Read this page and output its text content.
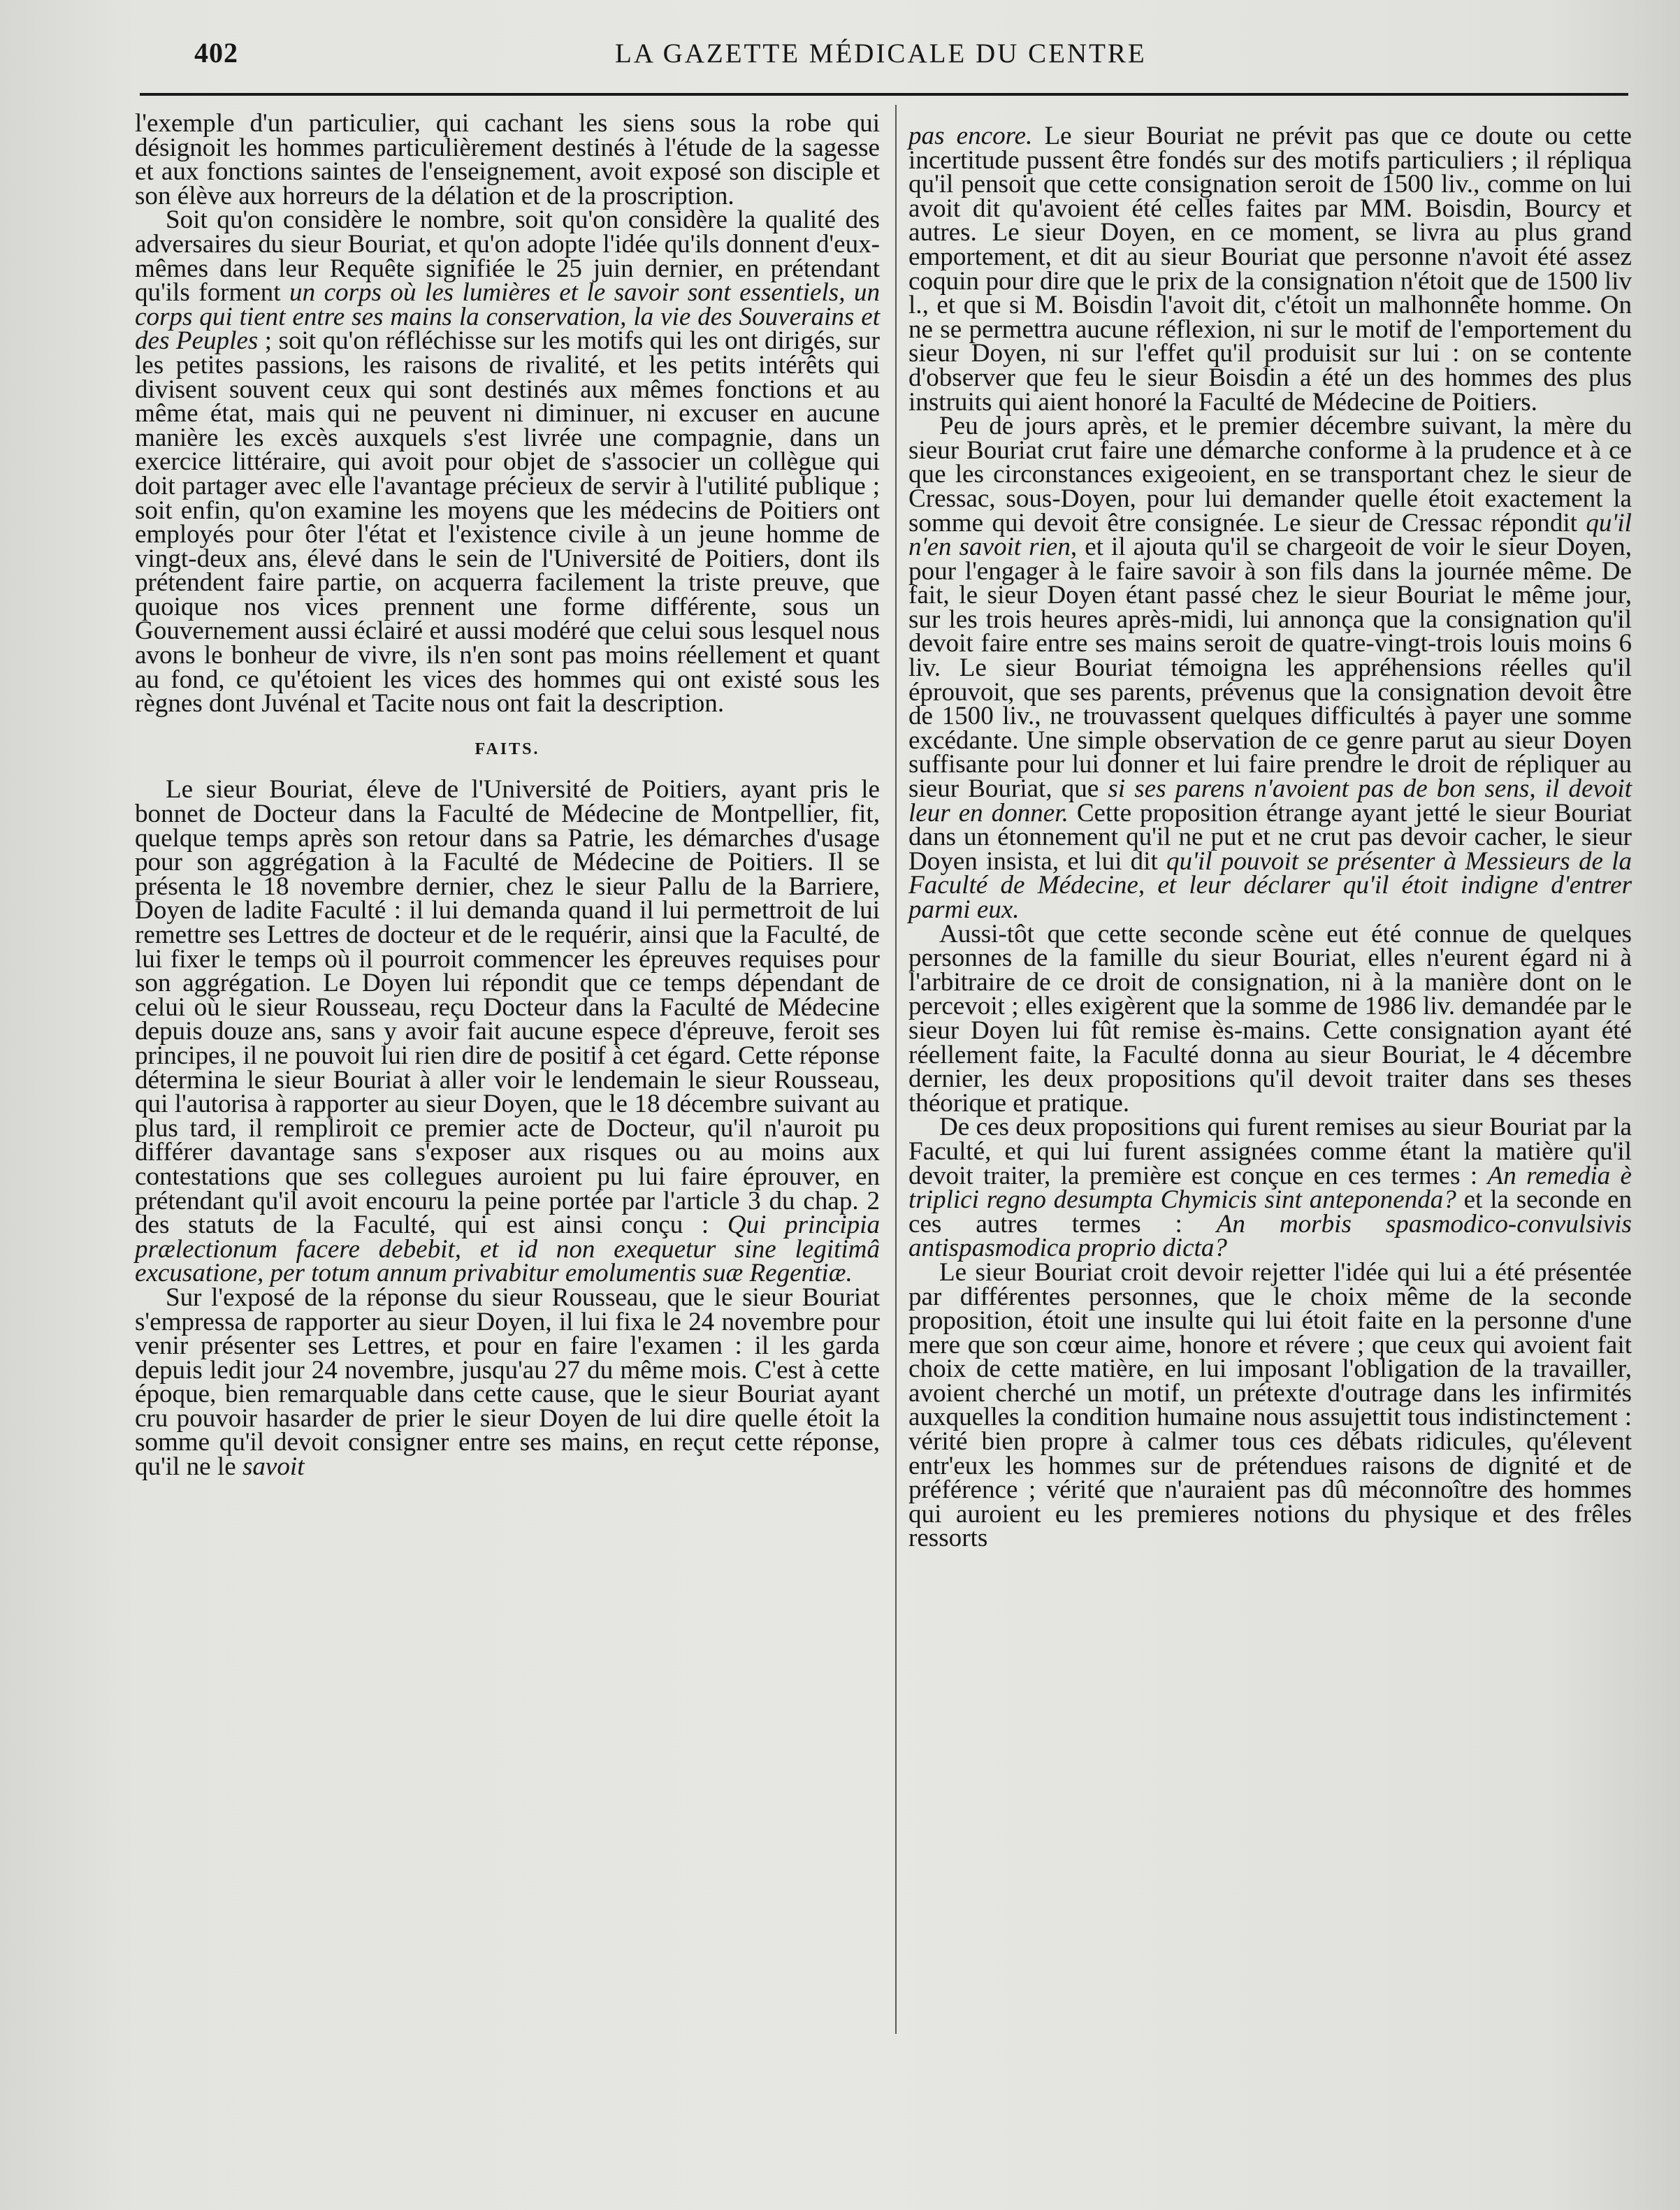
402	LA GAZETTE MÉDICALE DU CENTRE

l'exemple d'un particulier, qui cachant les siens sous la robe qui désignoit les hommes particulièrement destinés à l'étude de la sagesse et aux fonctions saintes de l'enseignement, avoit exposé son disciple et son élève aux horreurs de la délation et de la proscription.

Soit qu'on considère le nombre, soit qu'on considère la qualité des adversaires du sieur Bouriat, et qu'on adopte l'idée qu'ils donnent d'eux-mêmes dans leur Requête signifiée le 25 juin dernier, en prétendant qu'ils forment un corps où les lumières et le savoir sont essentiels, un corps qui tient entre ses mains la conservation, la vie des Souverains et des Peuples ; soit qu'on réfléchisse sur les motifs qui les ont dirigés, sur les petites passions, les raisons de rivalité, et les petits intérêts qui divisent souvent ceux qui sont destinés aux mêmes fonctions et au même état, mais qui ne peuvent ni diminuer, ni excuser en aucune manière les excès auxquels s'est livrée une compagnie, dans un exercice littéraire, qui avoit pour objet de s'associer un collègue qui doit partager avec elle l'avantage précieux de servir à l'utilité publique ; soit enfin, qu'on examine les moyens que les médecins de Poitiers ont employés pour ôter l'état et l'existence civile à un jeune homme de vingt-deux ans, élevé dans le sein de l'Université de Poitiers, dont ils prétendent faire partie, on acquerra facilement la triste preuve, que quoique nos vices prennent une forme différente, sous un Gouvernement aussi éclairé et aussi modéré que celui sous lesquel nous avons le bonheur de vivre, ils n'en sont pas moins réellement et quant au fond, ce qu'étoient les vices des hommes qui ont existé sous les règnes dont Juvénal et Tacite nous ont fait la description.

FAITS.

Le sieur Bouriat, éleve de l'Université de Poitiers, ayant pris le bonnet de Docteur dans la Faculté de Médecine de Montpellier, fit, quelque temps après son retour dans sa Patrie, les démarches d'usage pour son aggrégation à la Faculté de Médecine de Poitiers. Il se présenta le 18 novembre dernier, chez le sieur Pallu de la Barriere, Doyen de ladite Faculté : il lui demanda quand il lui permettroit de lui remettre ses Lettres de docteur et de le requérir, ainsi que la Faculté, de lui fixer le temps où il pourroit commencer les épreuves requises pour son aggrégation. Le Doyen lui répondit que ce temps dépendant de celui où le sieur Rousseau, reçu Docteur dans la Faculté de Médecine depuis douze ans, sans y avoir fait aucune espece d'épreuve, feroit ses principes, il ne pouvoit lui rien dire de positif à cet égard. Cette réponse détermina le sieur Bouriat à aller voir le lendemain le sieur Rousseau, qui l'autorisa à rapporter au sieur Doyen, que le 18 décembre suivant au plus tard, il rempliroit ce premier acte de Docteur, qu'il n'auroit pu différer davantage sans s'exposer aux risques ou au moins aux contestations que ses collegues auroient pu lui faire éprouver, en prétendant qu'il avoit encouru la peine portée par l'article 3 du chap. 2 des statuts de la Faculté, qui est ainsi conçu : Qui principia prælectionum facere debebit, et id non exequetur sine legitimâ excusatione, per totum annum privabitur emolumentis suæ Regentiæ.

Sur l'exposé de la réponse du sieur Rousseau, que le sieur Bouriat s'empressa de rapporter au sieur Doyen, il lui fixa le 24 novembre pour venir présenter ses Lettres, et pour en faire l'examen : il les garda depuis ledit jour 24 novembre, jusqu'au 27 du même mois. C'est à cette époque, bien remarquable dans cette cause, que le sieur Bouriat ayant cru pouvoir hasarder de prier le sieur Doyen de lui dire quelle étoit la somme qu'il devoit consigner entre ses mains, en reçut cette réponse, qu'il ne le savoit

pas encore. Le sieur Bouriat ne prévit pas que ce doute ou cette incertitude pussent être fondés sur des motifs particuliers ; il répliqua qu'il pensoit que cette consignation seroit de 1500 liv., comme on lui avoit dit qu'avoient été celles faites par MM. Boisdin, Bourcy et autres. Le sieur Doyen, en ce moment, se livra au plus grand emportement, et dit au sieur Bouriat que personne n'avoit été assez coquin pour dire que le prix de la consignation n'étoit que de 1500 liv l., et que si M. Boisdin l'avoit dit, c'étoit un malhonnête homme. On ne se permettra aucune réflexion, ni sur le motif de l'emportement du sieur Doyen, ni sur l'effet qu'il produisit sur lui : on se contente d'observer que feu le sieur Boisdin a été un des hommes des plus instruits qui aient honoré la Faculté de Médecine de Poitiers.

Peu de jours après, et le premier décembre suivant, la mère du sieur Bouriat crut faire une démarche conforme à la prudence et à ce que les circonstances exigeoient, en se transportant chez le sieur de Cressac, sous-Doyen, pour lui demander quelle étoit exactement la somme qui devoit être consignée. Le sieur de Cressac répondit qu'il n'en savoit rien, et il ajouta qu'il se chargeoit de voir le sieur Doyen, pour l'engager à le faire savoir à son fils dans la journée même. De fait, le sieur Doyen étant passé chez le sieur Bouriat le même jour, sur les trois heures après-midi, lui annonça que la consignation qu'il devoit faire entre ses mains seroit de quatre-vingt-trois louis moins 6 liv. Le sieur Bouriat témoigna les appréhensions réelles qu'il éprouvoit, que ses parents, prévenus que la consignation devoit être de 1500 liv., ne trouvassent quelques difficultés à payer une somme excédante. Une simple observation de ce genre parut au sieur Doyen suffisante pour lui donner et lui faire prendre le droit de répliquer au sieur Bouriat, que si ses parens n'avoient pas de bon sens, il devoit leur en donner. Cette proposition étrange ayant jetté le sieur Bouriat dans un étonnement qu'il ne put et ne crut pas devoir cacher, le sieur Doyen insista, et lui dit qu'il pouvoit se présenter à Messieurs de la Faculté de Médecine, et leur déclarer qu'il étoit indigne d'entrer parmi eux.

Aussi-tôt que cette seconde scène eut été connue de quelques personnes de la famille du sieur Bouriat, elles n'eurent égard ni à l'arbitraire de ce droit de consignation, ni à la manière dont on le percevoit ; elles exigèrent que la somme de 1986 liv. demandée par le sieur Doyen lui fût remise ès-mains. Cette consignation ayant été réellement faite, la Faculté donna au sieur Bouriat, le 4 décembre dernier, les deux propositions qu'il devoit traiter dans ses theses théorique et pratique.

De ces deux propositions qui furent remises au sieur Bouriat par la Faculté, et qui lui furent assignées comme étant la matière qu'il devoit traiter, la première est conçue en ces termes : An remedia è triplici regno desumpta Chymicis sint anteponenda? et la seconde en ces autres termes : An morbis spasmodico-convulsivis antispasmodica proprio dicta?

Le sieur Bouriat croit devoir rejetter l'idée qui lui a été présentée par différentes personnes, que le choix même de la seconde proposition, étoit une insulte qui lui étoit faite en la personne d'une mere que son cœur aime, honore et révere ; que ceux qui avoient fait choix de cette matière, en lui imposant l'obligation de la travailler, avoient cherché un motif, un prétexte d'outrage dans les infirmités auxquelles la condition humaine nous assujettit tous indistinctement : vérité bien propre à calmer tous ces débats ridicules, qu'élevent entr'eux les hommes sur de prétendues raisons de dignité et de préférence ; vérité que n'auraient pas dû méconnoître des hommes qui auroient eu les premieres notions du physique et des frêles ressorts
